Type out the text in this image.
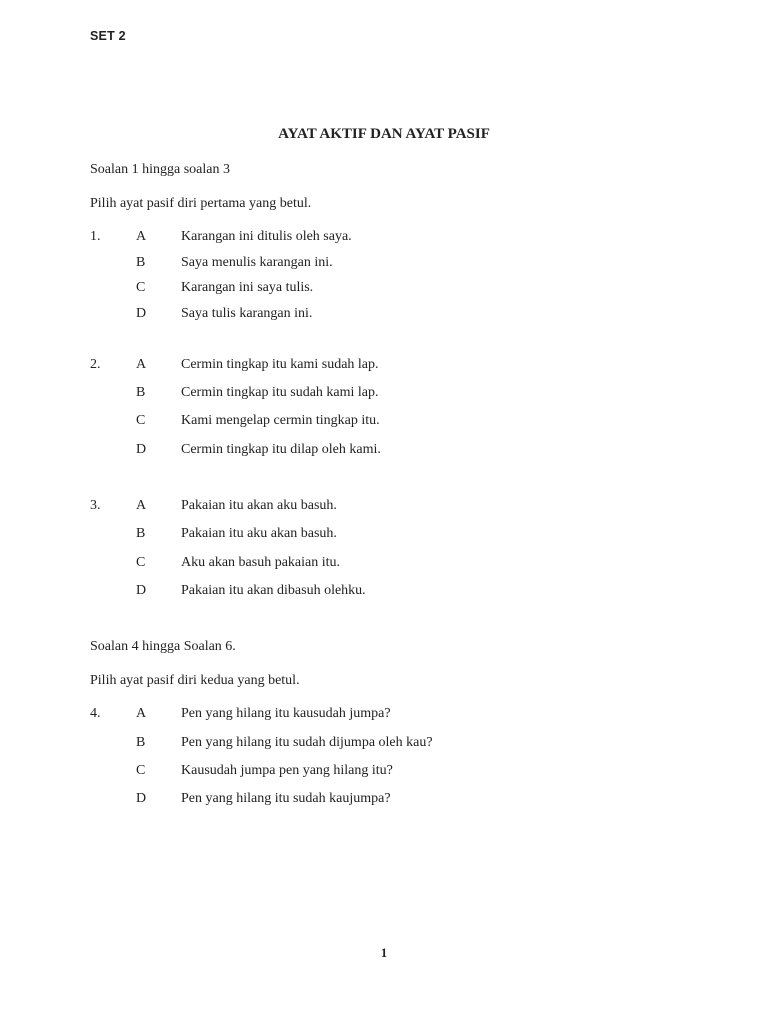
SET 2
AYAT AKTIF DAN AYAT PASIF
Soalan 1 hingga soalan 3
Pilih ayat pasif diri pertama yang betul.
1.	A Karangan ini ditulis oleh saya.
B	Saya menulis karangan ini.
C	Karangan ini saya tulis.
D Saya tulis karangan ini.
2.	A Cermin tingkap itu kami sudah lap.
B	Cermin tingkap itu sudah kami lap.
C	Kami mengelap cermin tingkap itu.
D Cermin tingkap itu dilap oleh kami.
3.	A Pakaian itu akan aku basuh.
B	Pakaian itu aku akan basuh.
C	Aku akan basuh pakaian itu.
D Pakaian itu akan dibasuh olehku.
Soalan 4 hingga Soalan 6.
Pilih ayat pasif diri kedua yang betul.
4.	A Pen yang hilang itu kausudah jumpa?
B	Pen yang hilang itu sudah dijumpa oleh kau?
C	Kausudah jumpa pen yang hilang itu?
D Pen yang hilang itu sudah kaujumpa?
1
